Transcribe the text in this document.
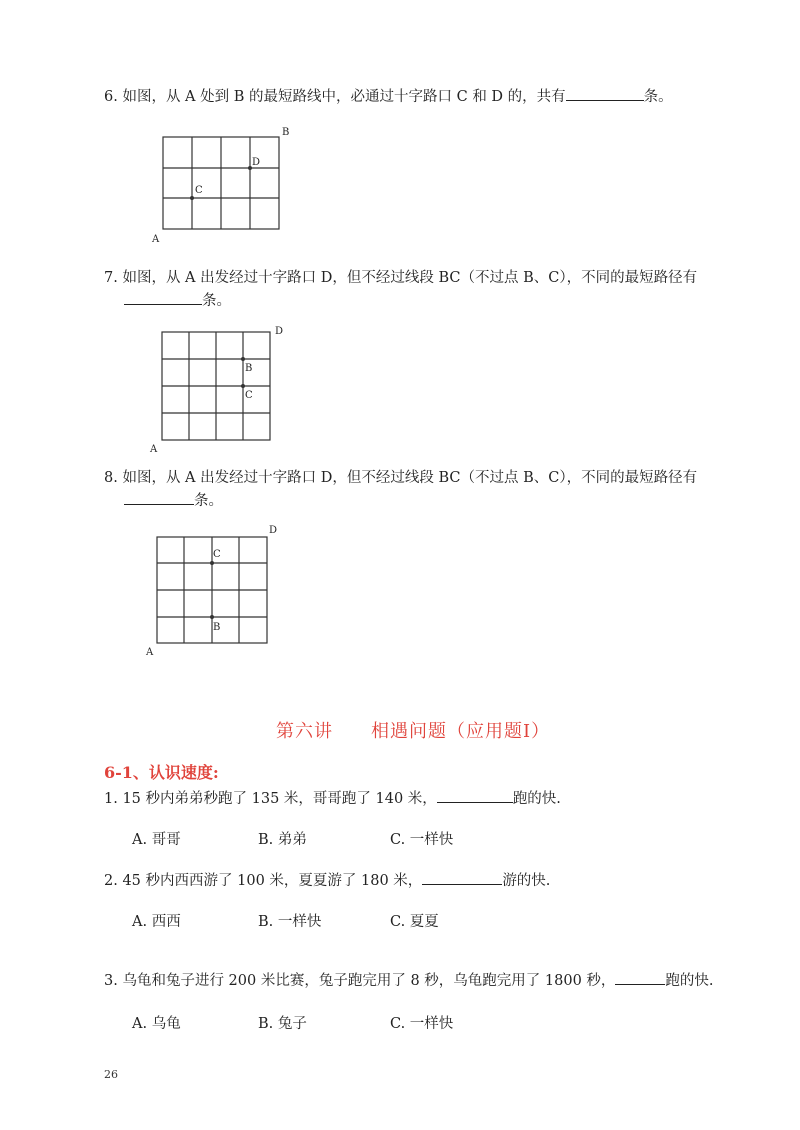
6. 如图，从 A 处到 B 的最短路线中，必通过十字路口 C 和 D 的，共有	条。
A
B
C
D
7. 如图，从 A 出发经过十字路口 D，但不经过线段 BC（不过点 B、C），不同的最短路径有
条。
A
D
B
C
8. 如图，从 A 出发经过十字路口 D，但不经过线段 BC（不过点 B、C），不同的最短路径有
条。
A
D
C
B
第六讲　　相遇问题（应用题Ⅰ）
6-1、认识速度:
1. 15 秒内弟弟秒跑了 135 米，哥哥跑了 140 米，	跑的快.
A. 哥哥	B. 弟弟	C. 一样快
2. 45 秒内西西游了 100 米，夏夏游了 180 米，	游的快.
A. 西西	B. 一样快	C. 夏夏
3. 乌龟和兔子进行 200 米比赛，兔子跑完用了 8 秒，乌龟跑完用了 1800 秒，	跑的快.
A. 乌龟	B. 兔子	C. 一样快
26
